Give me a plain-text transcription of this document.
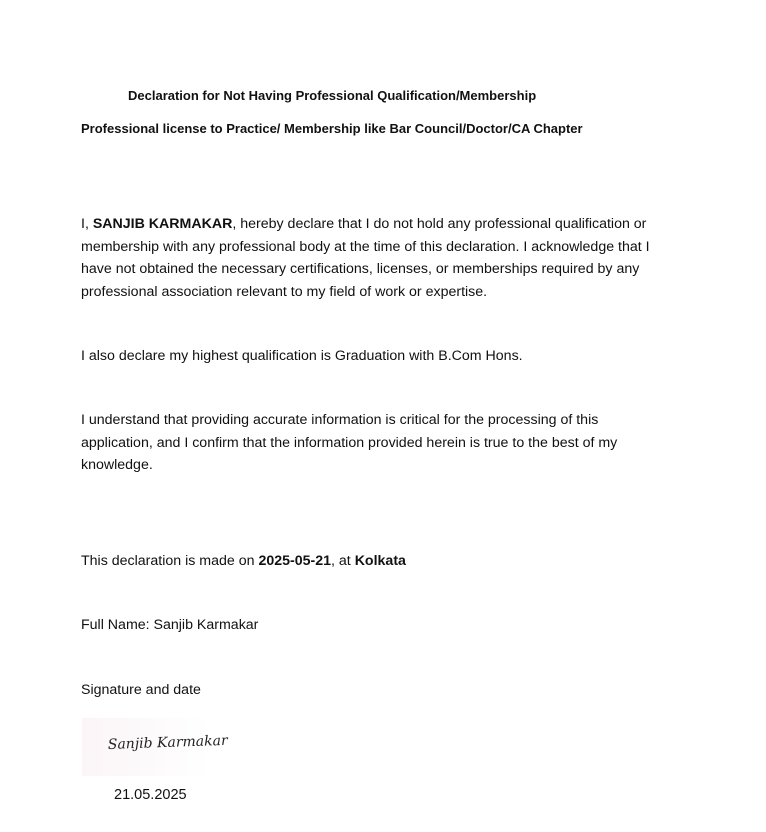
Declaration for Not Having Professional Qualification/Membership
Professional license to Practice/ Membership like Bar Council/Doctor/CA Chapter
I, SANJIB KARMAKAR, hereby declare that I do not hold any professional qualification or
membership with any professional body at the time of this declaration. I acknowledge that I
have not obtained the necessary certifications, licenses, or memberships required by any
professional association relevant to my field of work or expertise.
I also declare my highest qualification is Graduation with B.Com Hons.
I understand that providing accurate information is critical for the processing of this
application, and I confirm that the information provided herein is true to the best of my
knowledge.
This declaration is made on 2025-05-21, at Kolkata
Full Name: Sanjib Karmakar
Signature and date
Sanjib Karmakar
21.05.2025
